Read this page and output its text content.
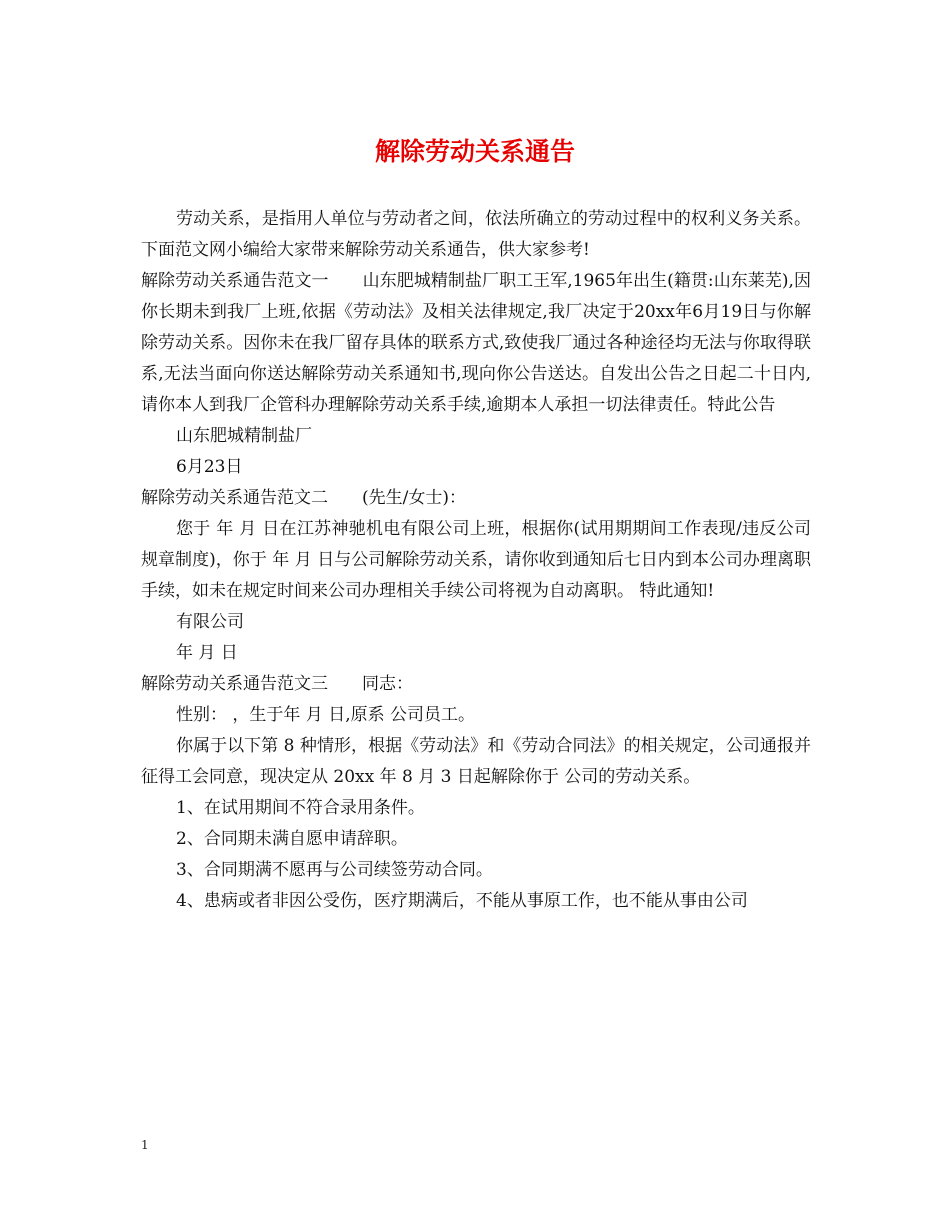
解除劳动关系通告

劳动关系，是指用人单位与劳动者之间，依法所确立的劳动过程中的权利义务关系。下面范文网小编给大家带来解除劳动关系通告，供大家参考!

解除劳动关系通告范文一　　山东肥城精制盐厂职工王军,1965年出生(籍贯:山东莱芜),因你长期未到我厂上班,依据《劳动法》及相关法律规定,我厂决定于20xx年6月19日与你解除劳动关系。因你未在我厂留存具体的联系方式,致使我厂通过各种途径均无法与你取得联系,无法当面向你送达解除劳动关系通知书,现向你公告送达。自发出公告之日起二十日内,请你本人到我厂企管科办理解除劳动关系手续,逾期本人承担一切法律责任。特此公告

山东肥城精制盐厂

6月23日

解除劳动关系通告范文二　　(先生/女士)：

您于 年 月 日在江苏神驰机电有限公司上班，根据你(试用期期间工作表现/违反公司规章制度)，你于 年 月 日与公司解除劳动关系，请你收到通知后七日内到本公司办理离职手续，如未在规定时间来公司办理相关手续公司将视为自动离职。 特此通知!

有限公司

年 月 日

解除劳动关系通告范文三　　同志：

性别： ，生于年 月 日,原系 公司员工。

你属于以下第 8 种情形，根据《劳动法》和《劳动合同法》的相关规定，公司通报并征得工会同意，现决定从 20xx 年 8 月 3 日起解除你于 公司的劳动关系。

1、在试用期间不符合录用条件。

2、合同期未满自愿申请辞职。

3、合同期满不愿再与公司续签劳动合同。

4、患病或者非因公受伤，医疗期满后，不能从事原工作，也不能从事由公司

1
